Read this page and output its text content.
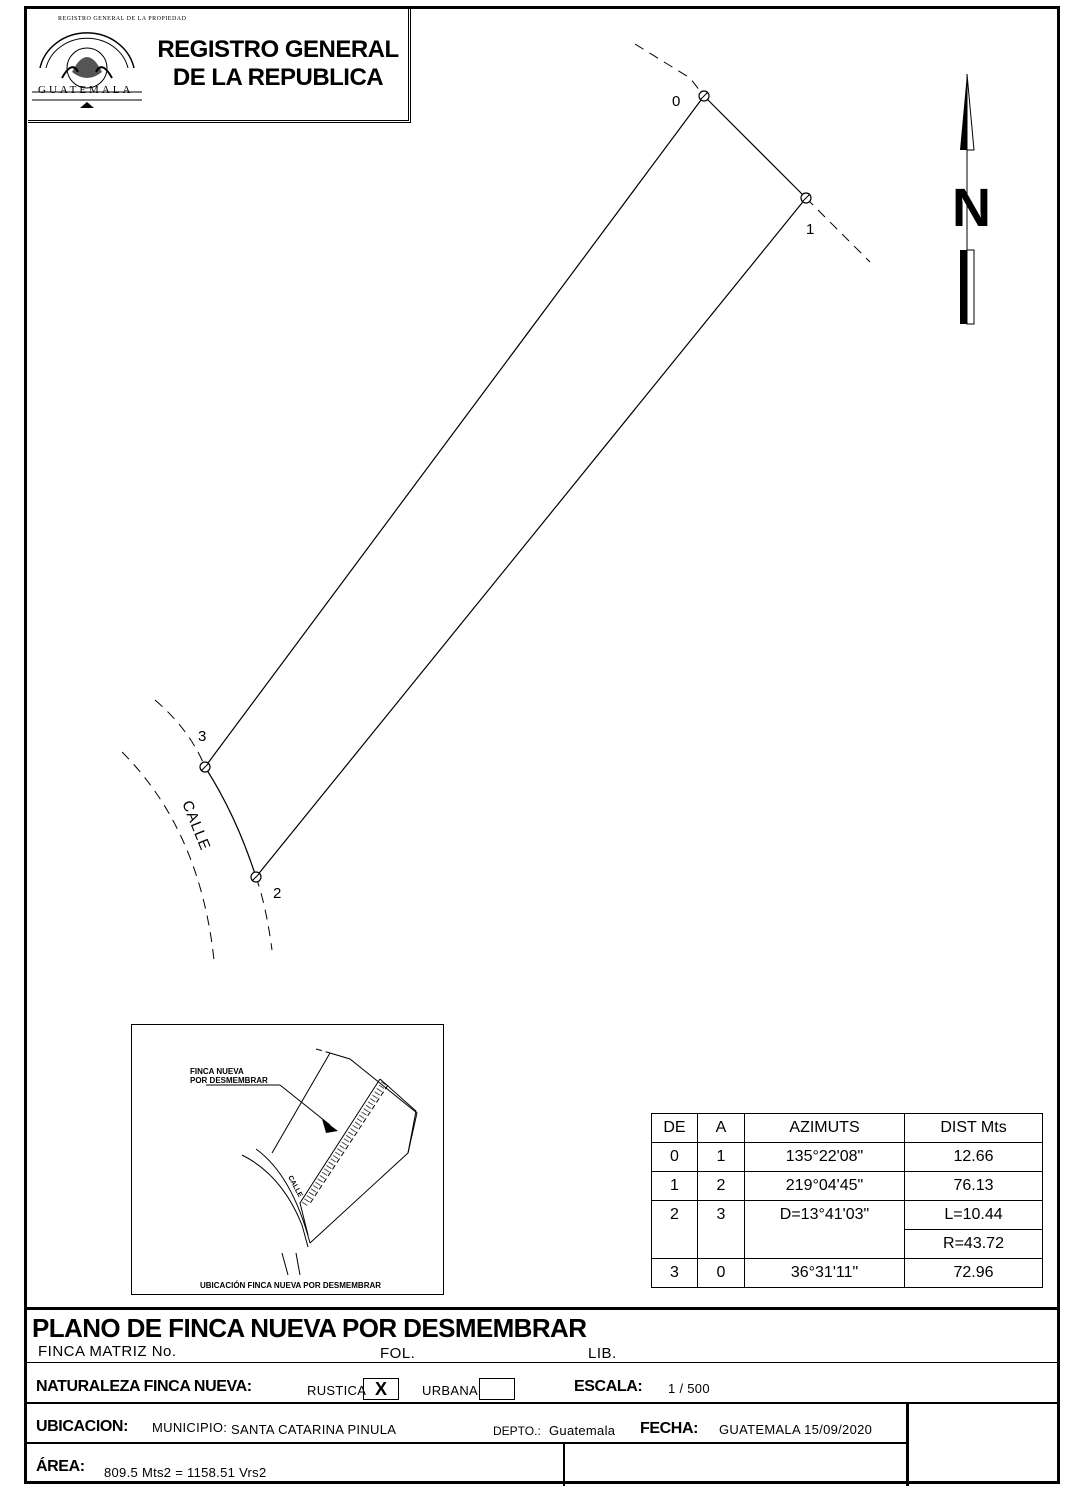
REGISTRO GENERAL DE LA PROPIEDAD
GUATEMALA
REGISTRO GENERAL
DE LA REPUBLICA
0
1
2
3
CALLE
N
CALLE
FINCA NUEVA
POR DESMEMBRAR
UBICACIÓN FINCA NUEVA POR DESMEMBRAR
DE	A	AZIMUTS	DIST Mts
0	1	135°22'08"	12.66
1	2	219°04'45"	76.13
2	3	D=13°41'03"	L=10.44
			R=43.72
3	0	36°31'11"	72.96
PLANO DE FINCA NUEVA POR DESMEMBRAR
FINCA MATRIZ No.	FOL.	LIB.
NATURALEZA FINCA NUEVA:	RUSTICA X	URBANA	ESCALA: 1 / 500
UBICACION: MUNICIPIO: SANTA CATARINA PINULA	DEPTO.: Guatemala FECHA: GUATEMALA 15/09/2020
ÁREA: 809.5 Mts2 = 1158.51 Vrs2
